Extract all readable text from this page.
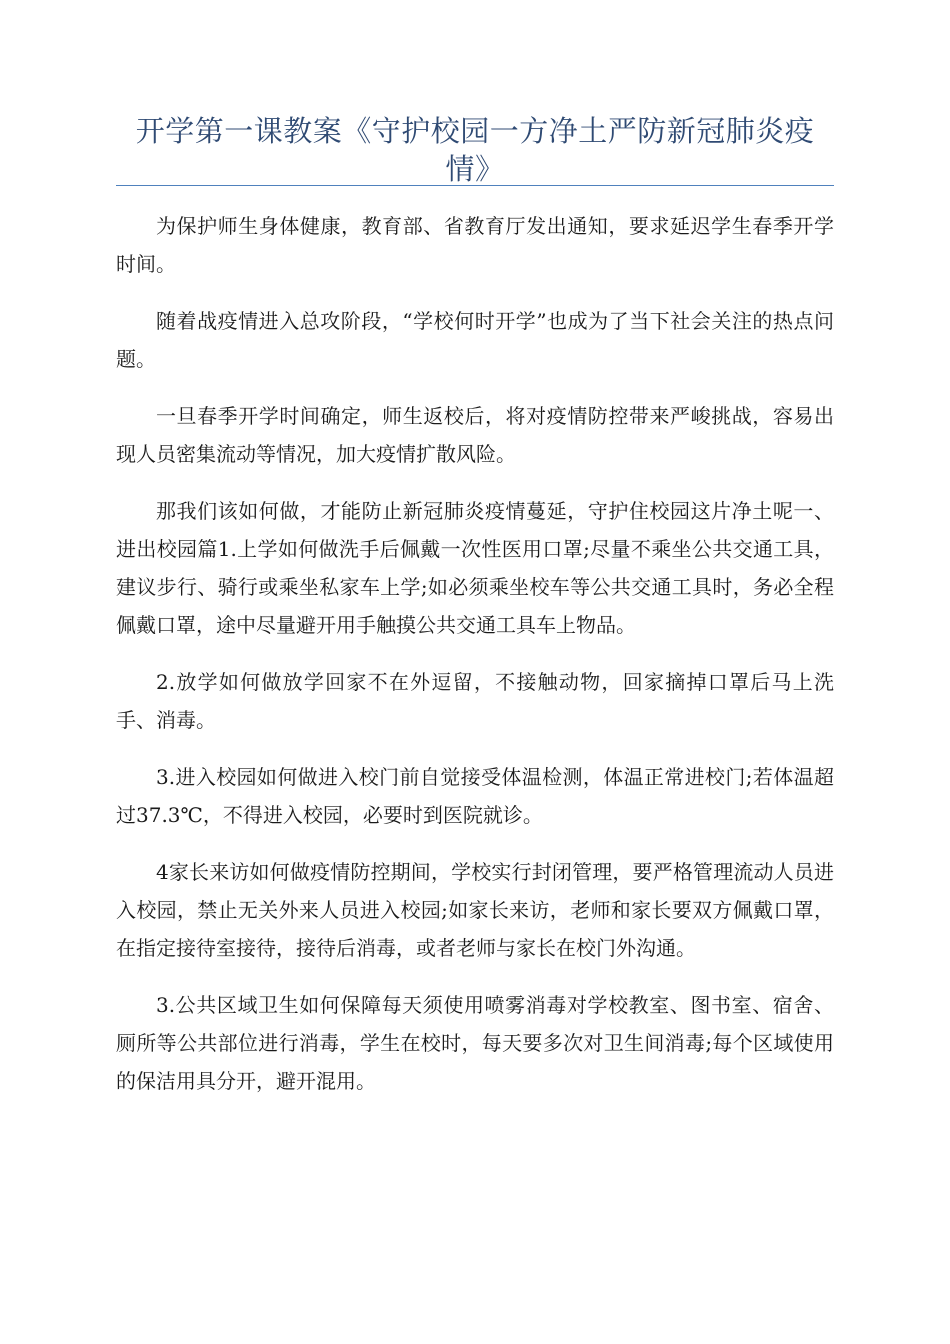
开学第一课教案《守护校园一方净土严防新冠肺炎疫情》

为保护师生身体健康，教育部、省教育厅发出通知，要求延迟学生春季开学时间。

随着战疫情进入总攻阶段，“学校何时开学”也成为了当下社会关注的热点问题。

一旦春季开学时间确定，师生返校后，将对疫情防控带来严峻挑战，容易出现人员密集流动等情况，加大疫情扩散风险。

那我们该如何做，才能防止新冠肺炎疫情蔓延，守护住校园这片净土呢一、进出校园篇1.上学如何做洗手后佩戴一次性医用口罩;尽量不乘坐公共交通工具，建议步行、骑行或乘坐私家车上学;如必须乘坐校车等公共交通工具时，务必全程佩戴口罩，途中尽量避开用手触摸公共交通工具车上物品。

2.放学如何做放学回家不在外逗留，不接触动物，回家摘掉口罩后马上洗手、消毒。

3.进入校园如何做进入校门前自觉接受体温检测，体温正常进校门;若体温超过37.3℃，不得进入校园，必要时到医院就诊。

4家长来访如何做疫情防控期间，学校实行封闭管理，要严格管理流动人员进入校园，禁止无关外来人员进入校园;如家长来访，老师和家长要双方佩戴口罩，在指定接待室接待，接待后消毒，或者老师与家长在校门外沟通。

3.公共区域卫生如何保障每天须使用喷雾消毒对学校教室、图书室、宿舍、厕所等公共部位进行消毒，学生在校时，每天要多次对卫生间消毒;每个区域使用的保洁用具分开，避开混用。
